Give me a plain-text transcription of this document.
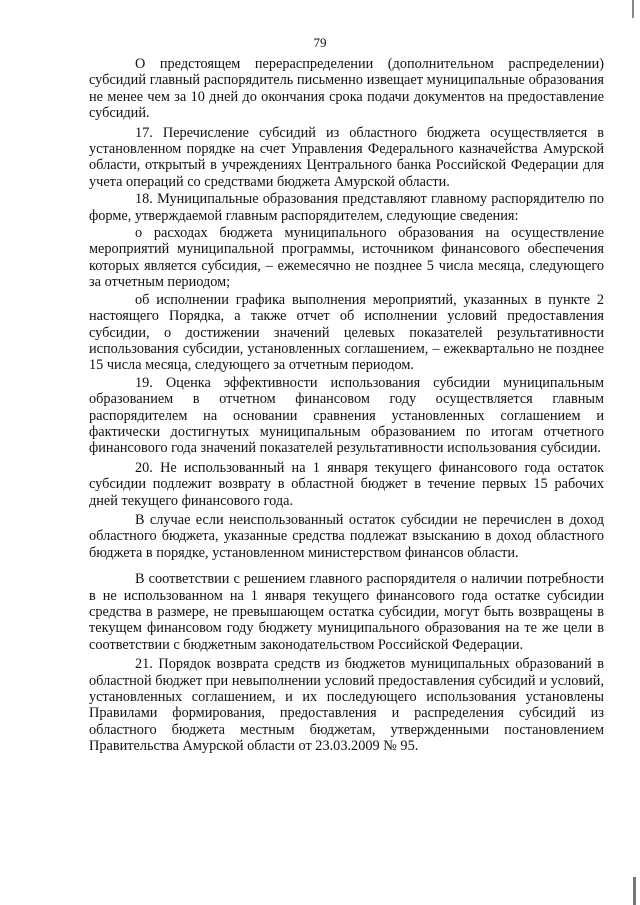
79

О предстоящем перераспределении (дополнительном распределении) субсидий главный распорядитель письменно извещает муниципальные образования не менее чем за 10 дней до окончания срока подачи документов на предоставление субсидий.

17. Перечисление субсидий из областного бюджета осуществляется в установленном порядке на счет Управления Федерального казначейства Амурской области, открытый в учреждениях Центрального банка Российской Федерации для учета операций со средствами бюджета Амурской области.

18. Муниципальные образования представляют главному распорядителю по форме, утверждаемой главным распорядителем, следующие сведения:

о расходах бюджета муниципального образования на осуществление мероприятий муниципальной программы, источником финансового обеспечения которых является субсидия, – ежемесячно не позднее 5 числа месяца, следующего за отчетным периодом;

об исполнении графика выполнения мероприятий, указанных в пункте 2 настоящего Порядка, а также отчет об исполнении условий предоставления субсидии, о достижении значений целевых показателей результативности использования субсидии, установленных соглашением, – ежеквартально не позднее 15 числа месяца, следующего за отчетным периодом.

19. Оценка эффективности использования субсидии муниципальным образованием в отчетном финансовом году осуществляется главным распорядителем на основании сравнения установленных соглашением и фактически достигнутых муниципальным образованием по итогам отчетного финансового года значений показателей результативности использования субсидии.

20. Не использованный на 1 января текущего финансового года остаток субсидии подлежит возврату в областной бюджет в течение первых 15 рабочих дней текущего финансового года.

В случае если неиспользованный остаток субсидии не перечислен в доход областного бюджета, указанные средства подлежат взысканию в доход областного бюджета в порядке, установленном министерством финансов области.

В соответствии с решением главного распорядителя о наличии потребности в не использованном на 1 января текущего финансового года остатке субсидии средства в размере, не превышающем остатка субсидии, могут быть возвращены в текущем финансовом году бюджету муниципального образования на те же цели в соответствии с бюджетным законодательством Российской Федерации.

21. Порядок возврата средств из бюджетов муниципальных образований в областной бюджет при невыполнении условий предоставления субсидий и условий, установленных соглашением, и их последующего использования установлены Правилами формирования, предоставления и распределения субсидий из областного бюджета местным бюджетам, утвержденными постановлением Правительства Амурской области от 23.03.2009 № 95.
